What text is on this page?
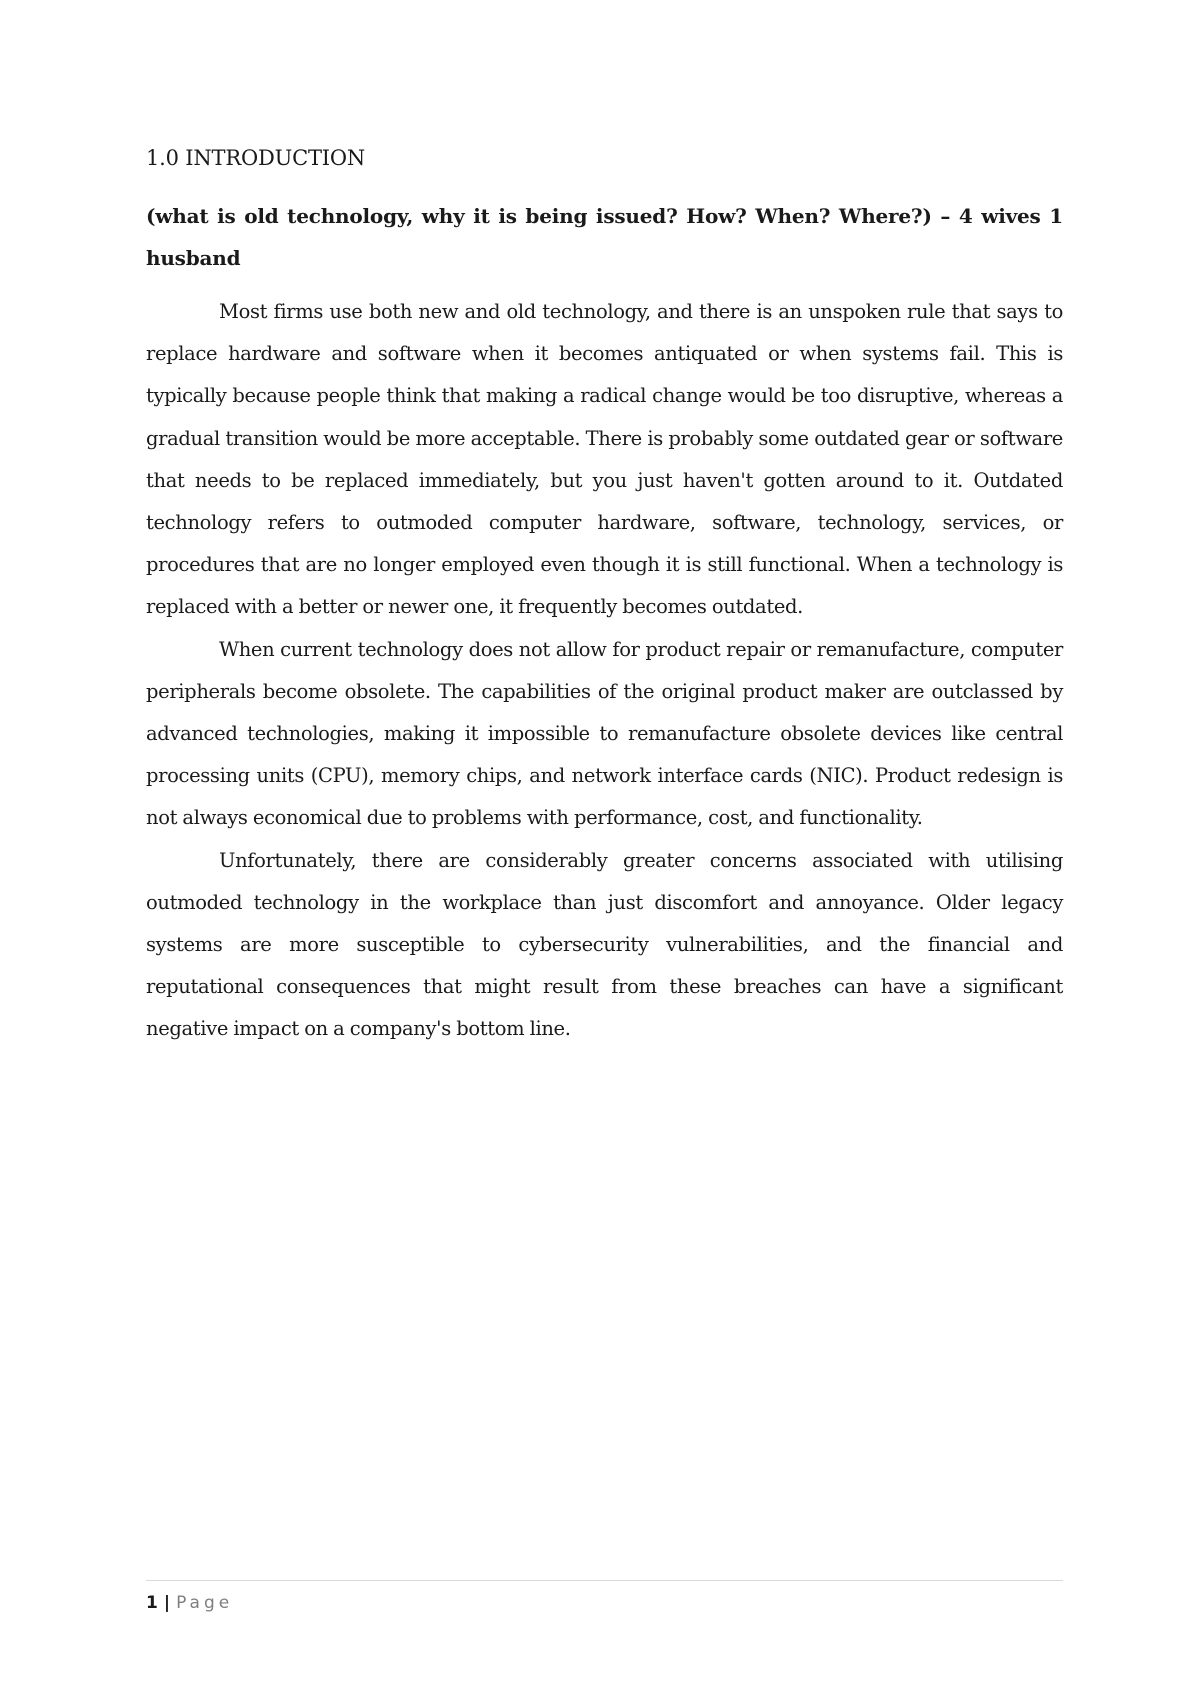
1.0 INTRODUCTION
(what is old technology, why it is being issued? How? When? Where?) – 4 wives 1 husband

Most firms use both new and old technology, and there is an unspoken rule that says to replace hardware and software when it becomes antiquated or when systems fail. This is typically because people think that making a radical change would be too disruptive, whereas a gradual transition would be more acceptable. There is probably some outdated gear or software that needs to be replaced immediately, but you just haven't gotten around to it. Outdated technology refers to outmoded computer hardware, software, technology, services, or procedures that are no longer employed even though it is still functional. When a technology is replaced with a better or newer one, it frequently becomes outdated.

When current technology does not allow for product repair or remanufacture, computer peripherals become obsolete. The capabilities of the original product maker are outclassed by advanced technologies, making it impossible to remanufacture obsolete devices like central processing units (CPU), memory chips, and network interface cards (NIC). Product redesign is not always economical due to problems with performance, cost, and functionality.

Unfortunately, there are considerably greater concerns associated with utilising outmoded technology in the workplace than just discomfort and annoyance. Older legacy systems are more susceptible to cybersecurity vulnerabilities, and the financial and reputational consequences that might result from these breaches can have a significant negative impact on a company's bottom line.

1 | Page
